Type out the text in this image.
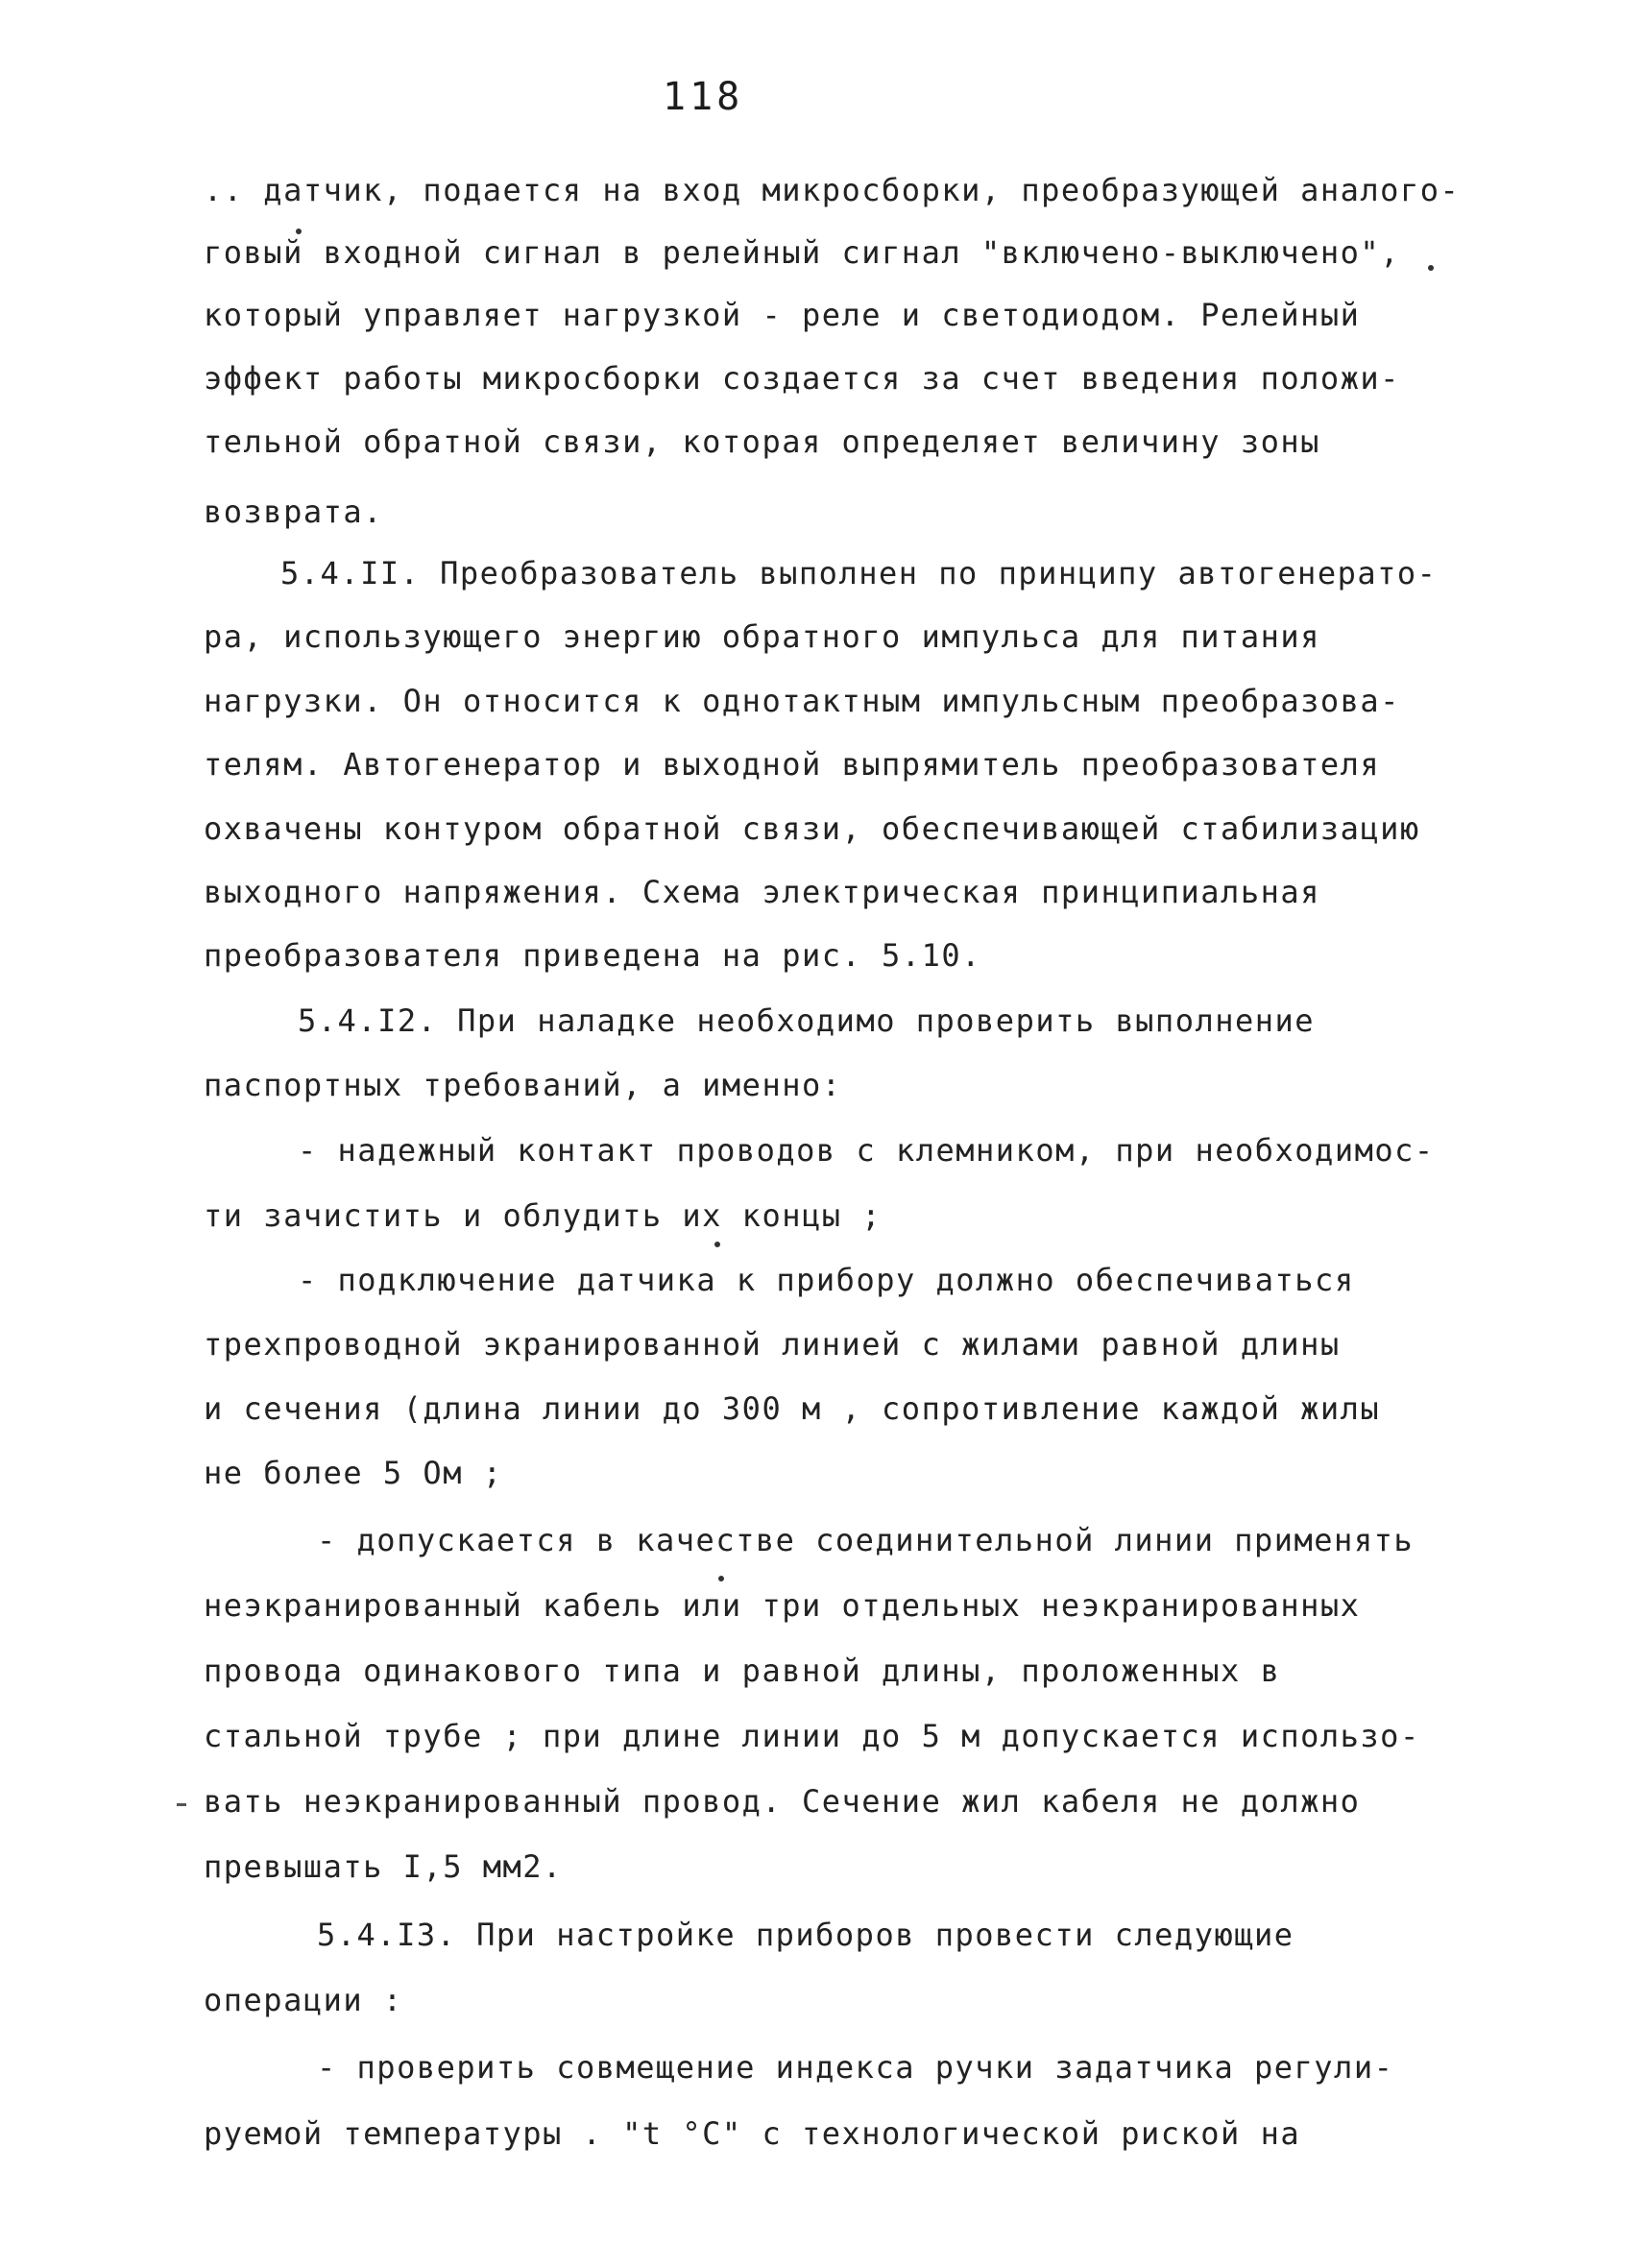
118
.. датчик, подается на вход микросборки, преобразующей аналого-
говый входной сигнал в релейный сигнал "включено-выключено",
который управляет нагрузкой - реле и светодиодом. Релейный
эффект работы микросборки создается за счет введения положи-
тельной обратной связи, которая определяет величину зоны
возврата.
5.4.II. Преобразователь выполнен по принципу автогенерато-
ра, использующего энергию обратного импульса для питания
нагрузки. Он относится к однотактным импульсным преобразова-
телям. Автогенератор и выходной выпрямитель преобразователя
охвачены контуром обратной связи, обеспечивающей стабилизацию
выходного напряжения. Схема электрическая принципиальная
преобразователя приведена на рис. 5.10.
5.4.I2. При наладке необходимо проверить выполнение
паспортных требований, а именно:
- надежный контакт проводов с клемником, при необходимос-
ти зачистить и облудить их концы ;
- подключение датчика к прибору должно обеспечиваться
трехпроводной экранированной линией с жилами равной длины
и сечения (длина линии до 300 м , сопротивление каждой жилы
не более 5 Ом ;
- допускается в качестве соединительной линии применять
неэкранированный кабель или три отдельных неэкранированных
провода одинакового типа и равной длины, проложенных в
стальной трубе ; при длине линии до 5 м допускается использо-
вать неэкранированный провод. Сечение жил кабеля не должно
превышать I,5 мм2.
5.4.I3. При настройке приборов провести следующие
операции :
- проверить совмещение индекса ручки задатчика регули-
руемой температуры . "t °C" с технологической риской на
